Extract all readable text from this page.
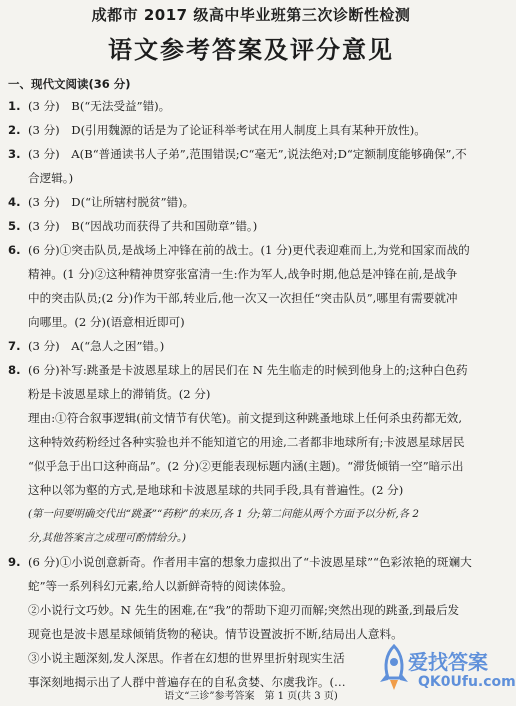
成都市 2017 级高中毕业班第三次诊断性检测
语文参考答案及评分意见
一、现代文阅读(36 分)
1. (3 分)　B(“无法受益”错)。
2. (3 分)　D(引用魏源的话是为了论证科举考试在用人制度上具有某种开放性)。
3. (3 分)　A(B“普通读书人子弟”,范围错误;C“毫无”,说法绝对;D“定额制度能够确保”,不
合逻辑。)
4. (3 分)　D(“让所辖村脱贫”错)。
5. (3 分)　B(“因战功而获得了共和国勋章”错。)
6. (6 分)①突击队员,是战场上冲锋在前的战士。(1 分)更代表迎难而上,为党和国家而战的
精神。(1 分)②这种精神贯穿张富清一生:作为军人,战争时期,他总是冲锋在前,是战争
中的突击队员;(2 分)作为干部,转业后,他一次又一次担任“突击队员”,哪里有需要就冲
向哪里。(2 分)(语意相近即可)
7. (3 分)　A(“急人之困”错。)
8. (6 分)补写:跳蚤是卡波恩星球上的居民们在 N 先生临走的时候到他身上的;这种白色药
粉是卡波恩星球上的滞销货。(2 分)
理由:①符合叙事逻辑(前文情节有伏笔)。前文提到这种跳蚤地球上任何杀虫药都无效,
这种特效药粉经过各种实验也并不能知道它的用途,二者都非地球所有;卡波恩星球居民
“似乎急于出口这种商品”。(2 分)②更能表现标题内涵(主题)。“滞货倾销一空”暗示出
这种以邻为壑的方式,是地球和卡波恩星球的共同手段,具有普遍性。(2 分)
(第一问要明确交代出“跳蚤”“药粉”的来历,各 1 分;第二问能从两个方面予以分析,各 2
分,其他答案言之成理可酌情给分。)
9. (6 分)①小说创意新奇。作者用丰富的想象力虚拟出了“卡波恩星球”“色彩浓艳的斑斓大
蛇”等一系列科幻元素,给人以新鲜奇特的阅读体验。
②小说行文巧妙。N 先生的困难,在“我”的帮助下迎刃而解;突然出现的跳蚤,到最后发
现竟也是波卡恩星球倾销货物的秘诀。情节设置波折不断,结局出人意料。
③小说主题深刻,发人深思。作者在幻想的世界里折射现实生活
事深刻地揭示出了人群中普遍存在的自私贪婪、尔虞我诈。(…
语文“三诊”参考答案　第 1 页(共 3 页)
爱找答案
QK0Ufu.com
